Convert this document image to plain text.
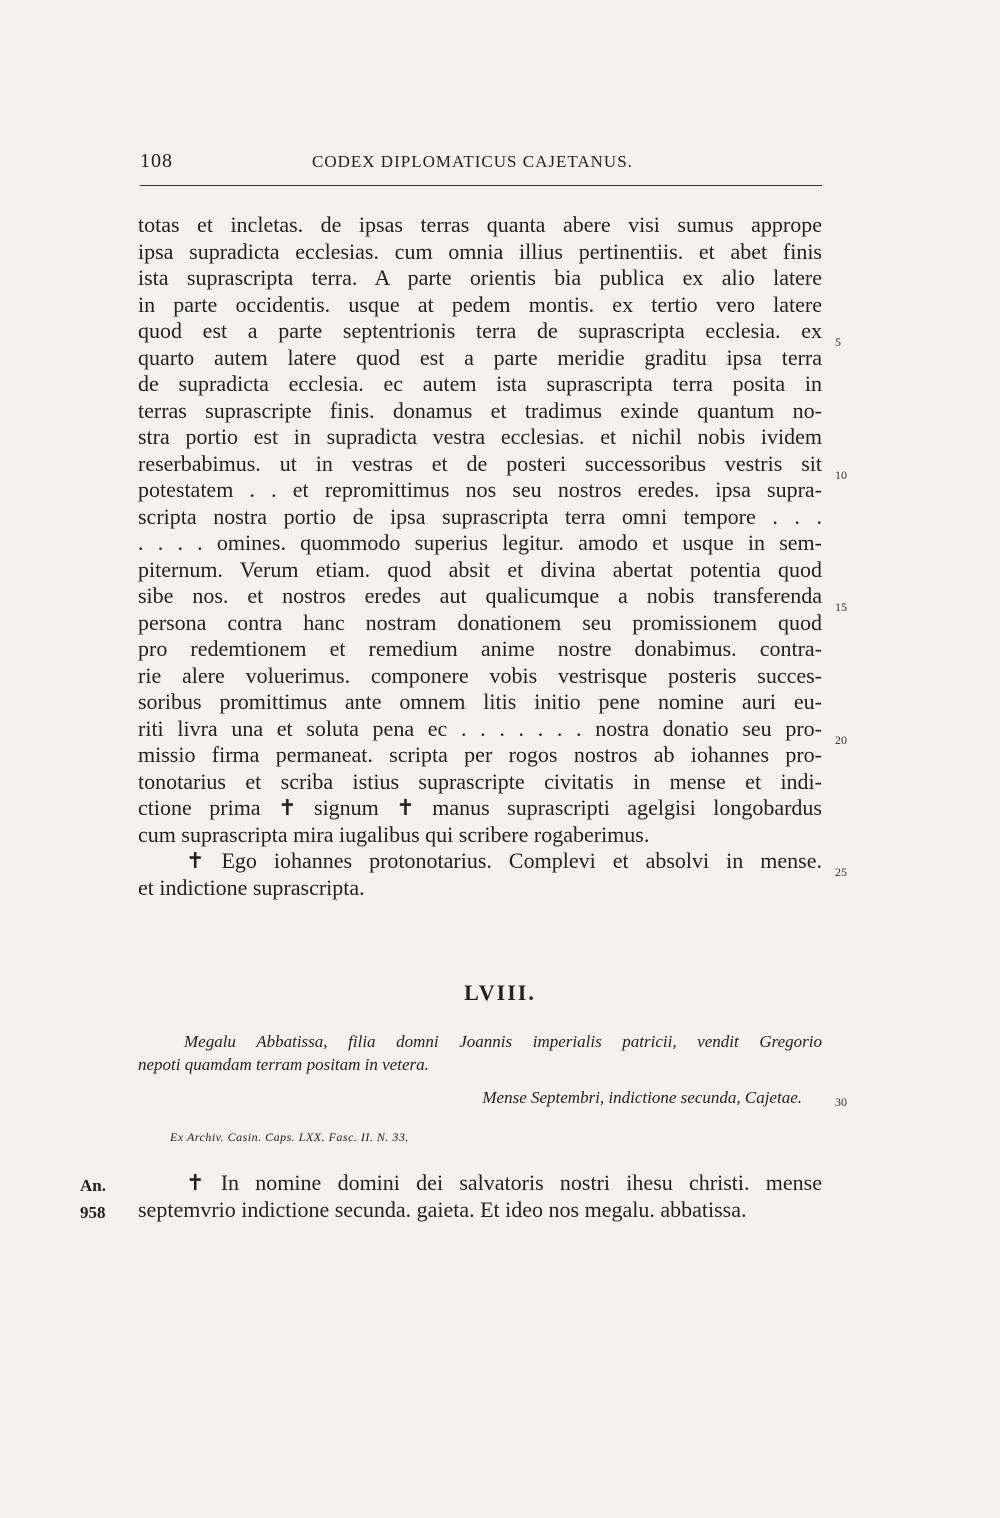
108	CODEX DIPLOMATICUS CAJETANUS.
totas et incletas. de ipsas terras quanta abere visi sumus apprope
ipsa supradicta ecclesias. cum omnia illius pertinentiis. et abet finis
ista suprascripta terra. A parte orientis bia publica ex alio latere
in parte occidentis. usque at pedem montis. ex tertio vero latere
quod est a parte septentrionis terra de suprascripta ecclesia. ex
quarto autem latere quod est a parte meridie graditu ipsa terra
de supradicta ecclesia. ec autem ista suprascripta terra posita in
terras suprascripte finis. donamus et tradimus exinde quantum no-
stra portio est in supradicta vestra ecclesias. et nichil nobis ividem
reserbabimus. ut in vestras et de posteri successoribus vestris sit
potestatem . . et repromittimus nos seu nostros eredes. ipsa supra-
scripta nostra portio de ipsa suprascripta terra omni tempore . . .
. . . . omines. quommodo superius legitur. amodo et usque in sem-
piternum. Verum etiam. quod absit et divina abertat potentia quod
sibe nos. et nostros eredes aut qualicumque a nobis transferenda
persona contra hanc nostram donationem seu promissionem quod
pro redemtionem et remedium anime nostre donabimus. contra-
rie alere voluerimus. componere vobis vestrisque posteris succes-
soribus promittimus ante omnem litis initio pene nomine auri eu-
riti livra una et soluta pena ec . . . . . . . nostra donatio seu pro-
missio firma permaneat. scripta per rogos nostros ab iohannes pro-
tonotarius et scriba istius suprascripte civitatis in mense et indi-
ctione prima ✝ signum ✝ manus suprascripti agelgisi longobardus
cum suprascripta mira iugalibus qui scribere rogaberimus.
✝ Ego iohannes protonotarius. Complevi et absolvi in mense.
et indictione suprascripta.
5
10
15
20
25
30
LVIII.
Megalu Abbatissa, filia domni Joannis imperialis patricii, vendit Gregorio
nepoti quamdam terram positam in vetera.
Mense Septembri, indictione secunda, Cajetae.
Ex Archiv. Casin. Caps. LXX. Fasc. II. N. 33.
An.
958
✝ In nomine domini dei salvatoris nostri ihesu christi. mense
septemvrio indictione secunda. gaieta. Et ideo nos megalu. abbatissa.
